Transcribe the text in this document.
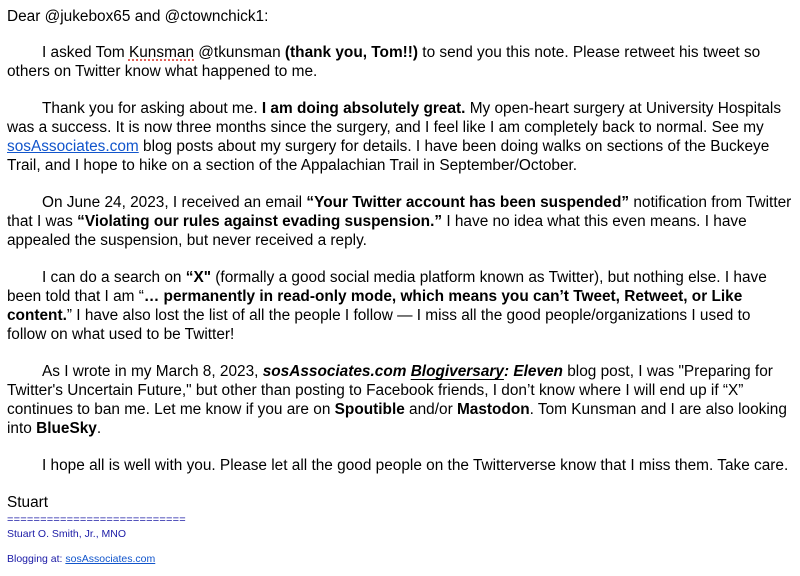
Dear @jukebox65 and @ctownchick1:
I asked Tom Kunsman @tkunsman (thank you, Tom!!) to send you this note. Please retweet his tweet so others on Twitter know what happened to me.
Thank you for asking about me. I am doing absolutely great. My open-heart surgery at University Hospitals was a success. It is now three months since the surgery, and I feel like I am completely back to normal. See my sosAssociates.com blog posts about my surgery for details. I have been doing walks on sections of the Buckeye Trail, and I hope to hike on a section of the Appalachian Trail in September/October.
On June 24, 2023, I received an email “Your Twitter account has been suspended” notification from Twitter that I was “Violating our rules against evading suspension.” I have no idea what this even means. I have appealed the suspension, but never received a reply.
I can do a search on “X" (formally a good social media platform known as Twitter), but nothing else. I have been told that I am “… permanently in read-only mode, which means you can’t Tweet, Retweet, or Like content.” I have also lost the list of all the people I follow — I miss all the good people/organizations I used to follow on what used to be Twitter!
As I wrote in my March 8, 2023, sosAssociates.com Blogiversary: Eleven blog post, I was "Preparing for Twitter's Uncertain Future," but other than posting to Facebook friends, I don’t know where I will end up if “X” continues to ban me. Let me know if you are on Spoutible and/or Mastodon. Tom Kunsman and I are also looking into BlueSky.
I hope all is well with you. Please let all the good people on the Twitterverse know that I miss them. Take care.
Stuart
===========================
Stuart O. Smith, Jr., MNO
Blogging at: sosAssociates.com
